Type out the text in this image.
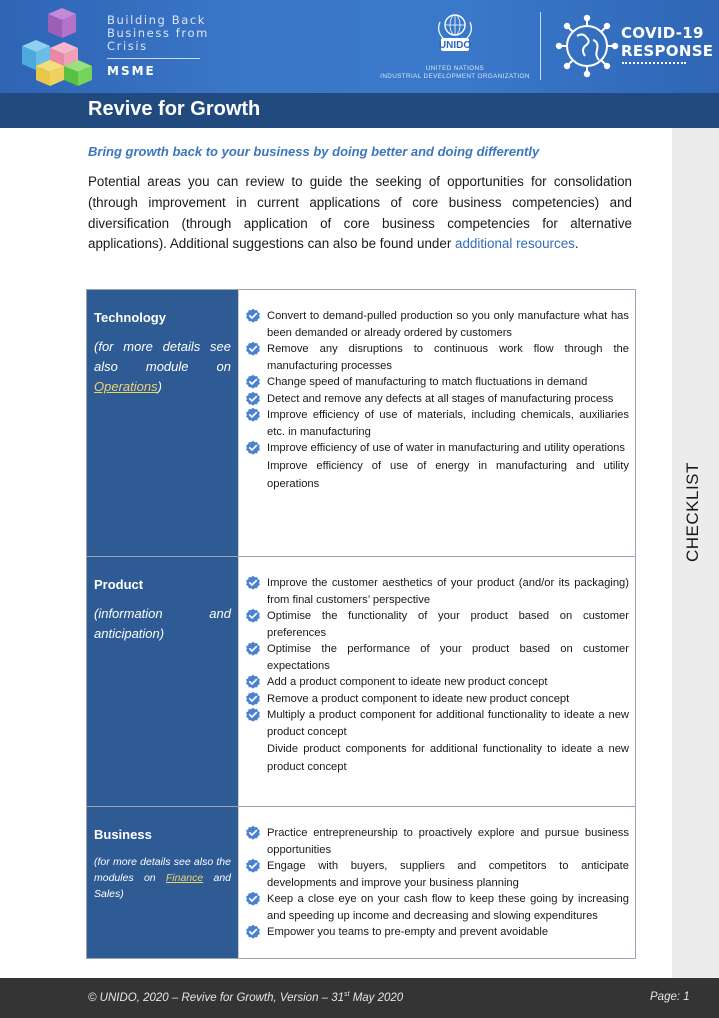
Building Back
Business from
Crisis
MSME
UNIDO
UNITED NATIONS
INDUSTRIAL DEVELOPMENT ORGANIZATION
COVID-19
RESPONSE
Revive for Growth
CHECKLIST
Bring growth back to your business by doing better and doing differently
Potential areas you can review to guide the seeking of opportunities for consolidation (through improvement in current applications of core business competencies) and diversification (through application of core business competencies for alternative applications). Additional suggestions can also be found under additional resources.
Technology
(for more details see also module on Operations)
Convert to demand-pulled production so you only manufacture what has been demanded or already ordered by customers
Remove any disruptions to continuous work flow through the manufacturing processes
Change speed of manufacturing to match fluctuations in demand
Detect and remove any defects at all stages of manufacturing process
Improve efficiency of use of materials, including chemicals, auxiliaries etc. in manufacturing
Improve efficiency of use of water in manufacturing and utility operations
Improve efficiency of use of energy in manufacturing and utility operations
Product
(information and anticipation)
Improve the customer aesthetics of your product (and/or its packaging) from final customers’ perspective
Optimise the functionality of your product based on customer preferences
Optimise the performance of your product based on customer expectations
Add a product component to ideate new product concept
Remove a product component to ideate new product concept
Multiply a product component for additional functionality to ideate a new product concept
Divide product components for additional functionality to ideate a new product concept
Business
(for more details see also the modules on Finance and Sales)
Practice entrepreneurship to proactively explore and pursue business opportunities
Engage with buyers, suppliers and competitors to anticipate developments and improve your business planning
Keep a close eye on your cash flow to keep these going by increasing and speeding up income and decreasing and slowing expenditures
Empower you teams to pre-empty and prevent avoidable
© UNIDO, 2020 – Revive for Growth, Version – 31st May 2020	Page: 1
